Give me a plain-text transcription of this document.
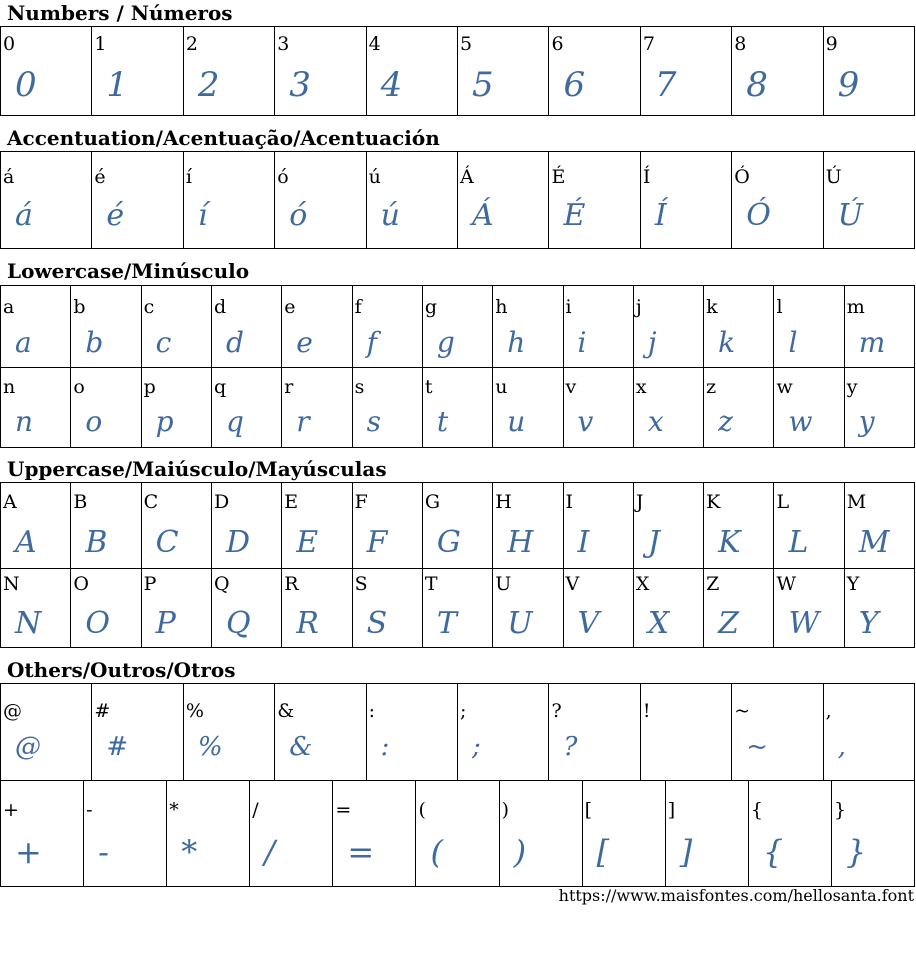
Numbers / Números
0
0
1
1
2
2
3
3
4
4
5
5
6
6
7
7
8
8
9
9
Accentuation/Acentuação/Acentuación
á
á
é
é
í
í
ó
ó
ú
ú
Á
Á
É
É
Í
Í
Ó
Ó
Ú
Ú
Lowercase/Minúsculo
a
a
b
b
c
c
d
d
e
e
f
f
g
g
h
h
i
i
j
j
k
k
l
l
m
m
n
n
o
o
p
p
q
q
r
r
s
s
t
t
u
u
v
v
x
x
z
z
w
w
y
y
Uppercase/Maiúsculo/Mayúsculas
A
A
B
B
C
C
D
D
E
E
F
F
G
G
H
H
I
I
J
J
K
K
L
L
M
M
N
N
O
O
P
P
Q
Q
R
R
S
S
T
T
U
U
V
V
X
X
Z
Z
W
W
Y
Y
Others/Outros/Otros
@
@
#
#
%
%
&
&
:
:
;
;
?
?
!	~
~
,
,
+
+
-
-
*
*
/
/
=
=
(
(
)
)
[
[
]
]
{
{
}
}
https://www.maisfontes.com/hellosanta.font
